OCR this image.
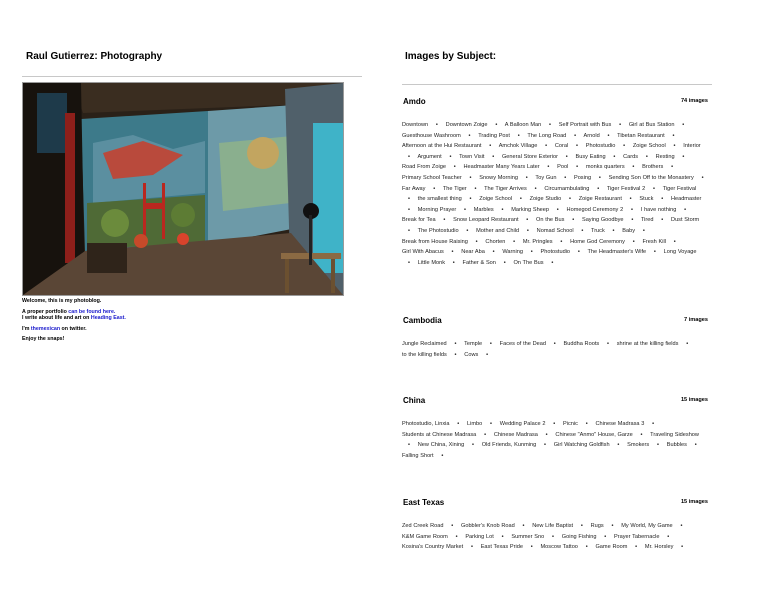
Raul Gutierrez: Photography

Welcome, this is my photoblog.

A proper portfolio can be found here.
I write about life and art on Heading East.

I'm themexican on twitter.

Enjoy the snaps!

Images by Subject:
Amdo	74 images
Downtown • Downtown Zoige • A Balloon Man • Self Portrait with Bus • Girl at Bus Station • Guesthouse Washroom • Trading Post • The Long Road • Arnold • Tibetan Restaurant • Afternoon at the Hui Restaurant • Amchok Village • Coral • Photostudio • Zoige School • Interior • Argument • Town Visit • General Store Exterior • Busy Eating • Cards • Resting • Road From Zoige • Headmaster Many Years Later • Pool • monks quarters • Brothers • Primary School Teacher • Snowy Morning • Toy Gun • Posing • Sending Son Off to the Monastery • Far Away • The Tiger • The Tiger Arrives • Circumambulating • Tiger Festival 2 • Tiger Festival • the smallest thing • Zoige School • Zoige Studio • Zoige Restaurant • Stuck • Headmaster • Morning Prayer • Marbles • Marking Sheep • Homegod Ceremony 2 • I have nothing • Break for Tea • Snow Leopard Restaurant • On the Bus • Saying Goodbye • Tired • Dust Storm • The Photostudio • Mother and Child • Nomad School • Truck • Baby • Break from House Raising • Chorten • Mr. Pringles • Home God Ceremony • Fresh Kill • Girl With Abacus • Near Aba • Warning • Photostudio • The Headmaster's Wife • Long Voyage • Little Monk • Father & Son • On The Bus •
Cambodia	7 images
Jungle Reclaimed • Temple • Faces of the Dead • Buddha Roots • shrine at the killing fields • to the killing fields • Cows •
China	15 images
Photostudio, Linxia • Limbo • Wedding Palace 2 • Picnic • Chinese Madrasa 3 • Students at Chinese Madrasa • Chinese Madrasa • Chinese "Anmo" House, Garze • Traveling Sideshow • New China, Xining • Old Friends, Kunming • Girl Watching Goldfish • Smokers • Bubbles • Falling Short •
East Texas	15 images
Zed Creek Road • Gobbler's Knob Road • New Life Baptist • Rugs • My World, My Game • K&M Game Room • Parking Lot • Summer Sno • Going Fishing • Prayer Tabernacle • Kosina's Country Market • East Texas Pride • Moscow Tattoo • Game Room • Mr. Horsley •
